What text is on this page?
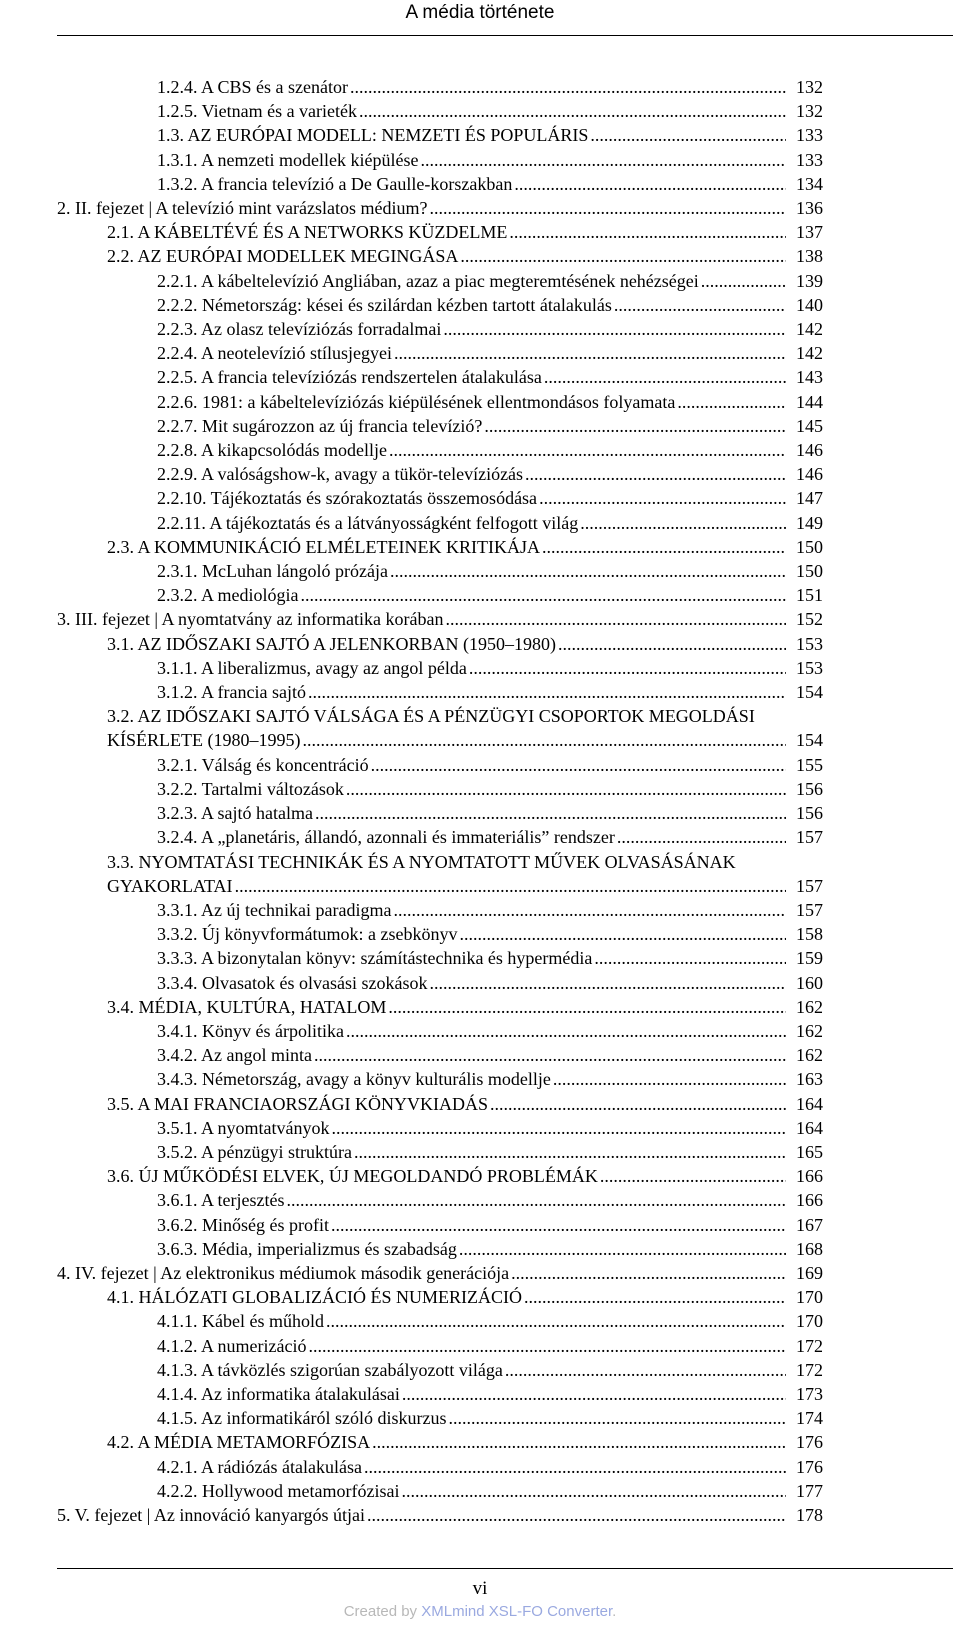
A média története
1.2.4. A CBS és a szenátor .....	132
1.2.5. Vietnam és a varieték .....	132
1.3. AZ EURÓPAI MODELL: NEMZETI ÉS POPULÁRIS .....	133
1.3.1. A nemzeti modellek kiépülése .....	133
1.3.2. A francia televízió a De Gaulle-korszakban .....	134
2. II. fejezet | A televízió mint varázslatos médium? .....	136
2.1. A KÁBELTÉVÉ ÉS A NETWORKS KÜZDELME .....	137
2.2. AZ EURÓPAI MODELLEK MEGINGÁSA .....	138
2.2.1. A kábeltelevízió Angliában, azaz a piac megteremtésének nehézségei .....	139
2.2.2. Németország: kései és szilárdan kézben tartott átalakulás .....	140
2.2.3. Az olasz televíziózás forradalmai .....	142
2.2.4. A neotelevízió stílusjegyei .....	142
2.2.5. A francia televíziózás rendszertelen átalakulása .....	143
2.2.6. 1981: a kábeltelevíziózás kiépülésének ellentmondásos folyamata .....	144
2.2.7. Mit sugározzon az új francia televízió? .....	145
2.2.8. A kikapcsolódás modellje .....	146
2.2.9. A valóságshow-k, avagy a tükör-televíziózás .....	146
2.2.10. Tájékoztatás és szórakoztatás összemosódása .....	147
2.2.11. A tájékoztatás és a látványosságként felfogott világ .....	149
2.3. A KOMMUNIKÁCIÓ ELMÉLETEINEK KRITIKÁJA .....	150
2.3.1. McLuhan lángoló prózája .....	150
2.3.2. A mediológia .....	151
3. III. fejezet | A nyomtatvány az informatika korában .....	152
3.1. AZ IDŐSZAKI SAJTÓ A JELENKORBAN (1950–1980) .....	153
3.1.1. A liberalizmus, avagy az angol példa .....	153
3.1.2. A francia sajtó .....	154
3.2. AZ IDŐSZAKI SAJTÓ VÁLSÁGA ÉS A PÉNZÜGYI CSOPORTOK MEGOLDÁSI
KÍSÉRLETE (1980–1995) .....	154
3.2.1. Válság és koncentráció .....	155
3.2.2. Tartalmi változások .....	156
3.2.3. A sajtó hatalma .....	156
3.2.4. A „planetáris, állandó, azonnali és immateriális” rendszer .....	157
3.3. NYOMTATÁSI TECHNIKÁK ÉS A NYOMTATOTT MŰVEK OLVASÁSÁNAK
GYAKORLATAI .....	157
3.3.1. Az új technikai paradigma .....	157
3.3.2. Új könyvformátumok: a zsebkönyv .....	158
3.3.3. A bizonytalan könyv: számítástechnika és hypermédia .....	159
3.3.4. Olvasatok és olvasási szokások .....	160
3.4. MÉDIA, KULTÚRA, HATALOM .....	162
3.4.1. Könyv és árpolitika .....	162
3.4.2. Az angol minta .....	162
3.4.3. Németország, avagy a könyv kulturális modellje .....	163
3.5. A MAI FRANCIAORSZÁGI KÖNYVKIADÁS .....	164
3.5.1. A nyomtatványok .....	164
3.5.2. A pénzügyi struktúra .....	165
3.6. ÚJ MŰKÖDÉSI ELVEK, ÚJ MEGOLDANDÓ PROBLÉMÁK .....	166
3.6.1. A terjesztés .....	166
3.6.2. Minőség és profit .....	167
3.6.3. Média, imperializmus és szabadság .....	168
4. IV. fejezet | Az elektronikus médiumok második generációja .....	169
4.1. HÁLÓZATI GLOBALIZÁCIÓ ÉS NUMERIZÁCIÓ .....	170
4.1.1. Kábel és műhold .....	170
4.1.2. A numerizáció .....	172
4.1.3. A távközlés szigorúan szabályozott világa .....	172
4.1.4. Az informatika átalakulásai .....	173
4.1.5. Az informatikáról szóló diskurzus .....	174
4.2. A MÉDIA METAMORFÓZISA .....	176
4.2.1. A rádiózás átalakulása .....	176
4.2.2. Hollywood metamorfózisai .....	177
5. V. fejezet | Az innováció kanyargós útjai .....	178
vi
Created by XMLmind XSL-FO Converter.
